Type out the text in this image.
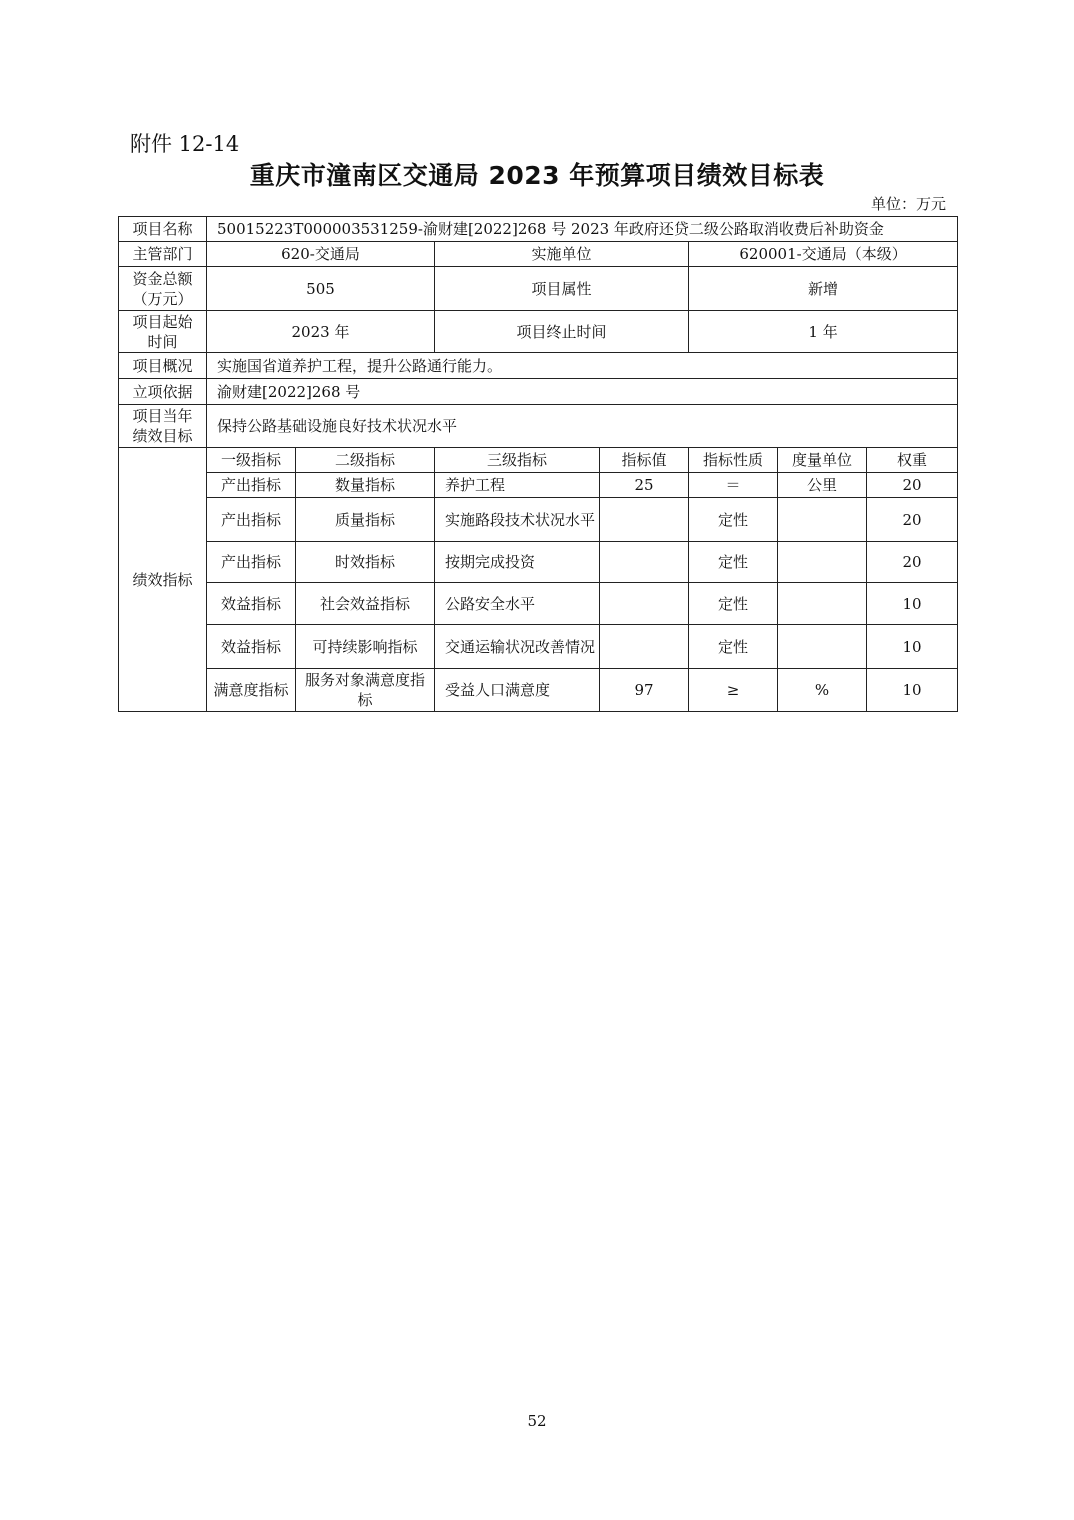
附件 12-14
重庆市潼南区交通局 2023 年预算项目绩效目标表
单位：万元
项目名称	50015223T000003531259-渝财建[2022]268 号 2023 年政府还贷二级公路取消收费后补助资金						
主管部门	620-交通局		实施单位		620001-交通局（本级）		
资金总额
（万元）	505		项目属性		新增		
项目起始
时间	2023 年		项目终止时间		1 年		
项目概况	实施国省道养护工程，提升公路通行能力。						
立项依据	渝财建[2022]268 号						
项目当年
绩效目标	保持公路基础设施良好技术状况水平						
绩效指标	一级指标	二级指标	三级指标	指标值	指标性质	度量单位	权重
	产出指标	数量指标	养护工程	25	＝	公里	20
	产出指标	质量指标	实施路段技术状况水平		定性		20
	产出指标	时效指标	按期完成投资		定性		20
	效益指标	社会效益指标	公路安全水平		定性		10
	效益指标	可持续影响指标	交通运输状况改善情况		定性		10
	满意度指标	服务对象满意度指标	受益人口满意度	97	≥	%	10
52
